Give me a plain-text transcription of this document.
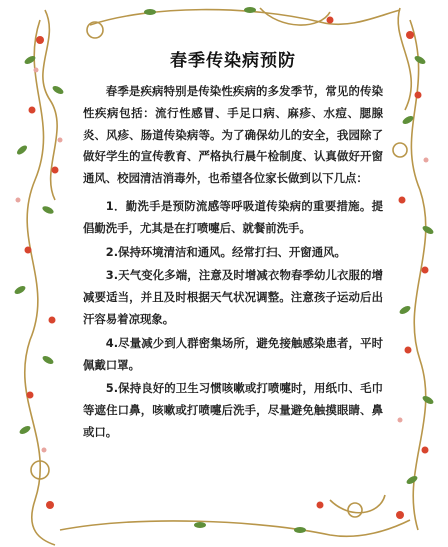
春季传染病预防

春季是疾病特别是传染性疾病的多发季节，常见的传染性疾病包括：流行性感冒、手足口病、麻疹、水痘、腮腺炎、风疹、肠道传染病等。为了确保幼儿的安全，我园除了做好学生的宣传教育、严格执行晨午检制度、认真做好开窗通风、校园清洁消毒外，也希望各位家长做到以下几点：

1．勤洗手是预防流感等呼吸道传染病的重要措施。提倡勤洗手，尤其是在打喷嚏后、就餐前洗手。

2.保持环境清洁和通风。经常打扫、开窗通风。

3.天气变化多端，注意及时增减衣物春季幼儿衣服的增减要适当，并且及时根据天气状况调整。注意孩子运动后出汗容易着凉现象。

4.尽量减少到人群密集场所，避免接触感染患者，平时佩戴口罩。

5.保持良好的卫生习惯咳嗽或打喷嚏时，用纸巾、毛巾等遮住口鼻，咳嗽或打喷嚏后洗手，尽量避免触摸眼睛、鼻或口。
